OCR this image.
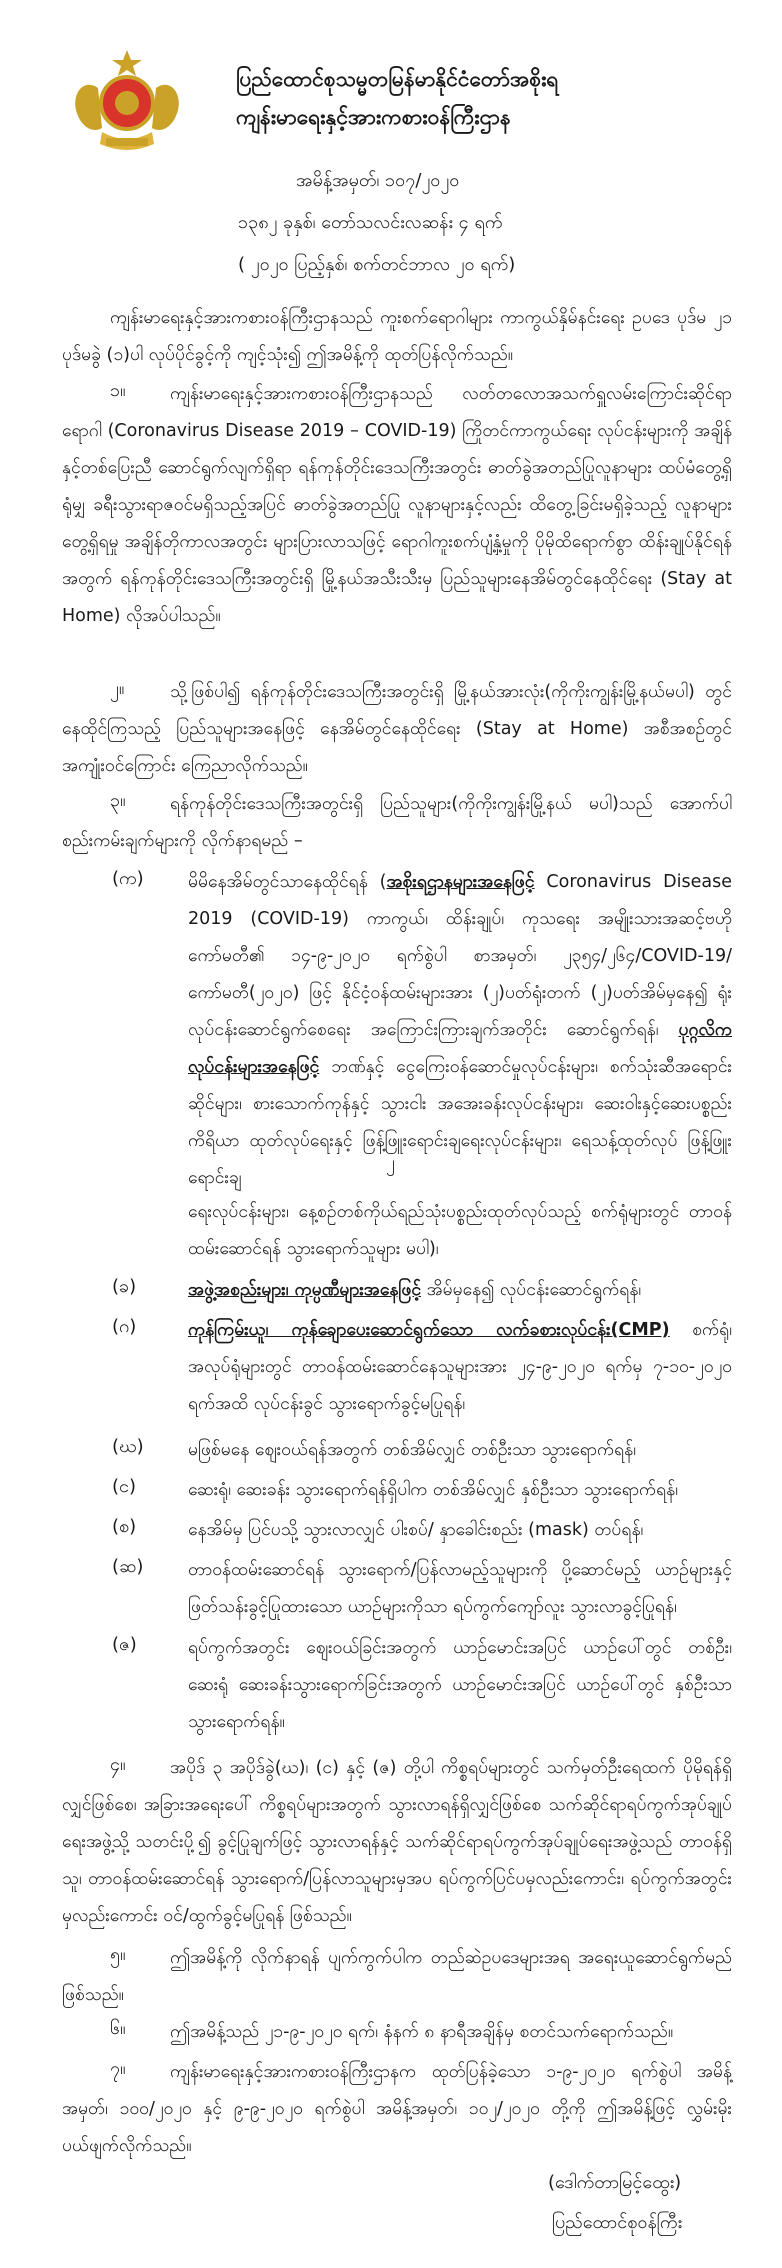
ပြည်ထောင်စုသမ္မတမြန်မာနိုင်ငံတော်အစိုးရ
ကျန်းမာရေးနှင့်အားကစားဝန်ကြီးဌာန
အမိန့်အမှတ်၊ ၁၀၇/၂၀၂၀
၁၃၈၂ ခုနှစ်၊ တော်သလင်းလဆန်း ၄ ရက်
( ၂၀၂၀ ပြည့်နှစ်၊ စက်တင်ဘာလ ၂၀ ရက်)
ကျန်းမာရေးနှင့်အားကစားဝန်ကြီးဌာနသည် ကူးစက်ရောဂါများ ကာကွယ်နှိမ်နင်းရေး ဥပဒေ ပုဒ်မ ၂၁ ပုဒ်မခွဲ (၁)ပါ လုပ်ပိုင်ခွင့်ကို ကျင့်သုံး၍ ဤအမိန့်ကို ထုတ်ပြန်လိုက်သည်။
၁။	ကျန်းမာရေးနှင့်အားကစားဝန်ကြီးဌာနသည် လတ်တလောအသက်ရှူလမ်းကြောင်းဆိုင်ရာ ရောဂါ (Coronavirus Disease 2019 – COVID-19) ကြိုတင်ကာကွယ်ရေး လုပ်ငန်းများကို အချိန်နှင့်တစ်ပြေးညီ ဆောင်ရွက်လျက်ရှိရာ ရန်ကုန်တိုင်းဒေသကြီးအတွင်း ဓာတ်ခွဲအတည်ပြုလူနာများ ထပ်မံတွေ့ရှိရုံမျှ ခရီးသွားရာဇဝင်မရှိသည့်အပြင် ဓာတ်ခွဲအတည်ပြု လူနာများနှင့်လည်း ထိတွေ့ခြင်းမရှိခဲ့သည့် လူနာများတွေ့ရှိရမှု အချိန်တိုကာလအတွင်း များပြားလာသဖြင့် ရောဂါကူးစက်ပျံ့နှံ့မှုကို ပိုမိုထိရောက်စွာ ထိန်းချုပ်နိုင်ရန်အတွက် ရန်ကုန်တိုင်းဒေသကြီးအတွင်းရှိ မြို့နယ်အသီးသီးမှ ပြည်သူများနေအိမ်တွင်နေထိုင်ရေး (Stay at Home) လိုအပ်ပါသည်။
၂။	သို့ဖြစ်ပါ၍ ရန်ကုန်တိုင်းဒေသကြီးအတွင်းရှိ မြို့နယ်အားလုံး(ကိုကိုးကျွန်းမြို့နယ်မပါ) တွင် နေထိုင်ကြသည့် ပြည်သူများအနေဖြင့် နေအိမ်တွင်နေထိုင်ရေး (Stay at Home) အစီအစဉ်တွင် အကျုံးဝင်ကြောင်း ကြေညာလိုက်သည်။
၃။	ရန်ကုန်တိုင်းဒေသကြီးအတွင်းရှိ ပြည်သူများ(ကိုကိုးကျွန်းမြို့နယ် မပါ)သည် အောက်ပါစည်းကမ်းချက်များကို လိုက်နာရမည် –
(က)	မိမိနေအိမ်တွင်သာနေထိုင်ရန် (အစိုးရဌာနများအနေဖြင့် Coronavirus Disease 2019 (COVID-19) ကာကွယ်၊ ထိန်းချုပ်၊ ကုသရေး အမျိုးသားအဆင့်ဗဟိုကော်မတီ၏ ၁၄-၉-၂၀၂၀ ရက်စွဲပါ စာအမှတ်၊ ၂၃၅၄/၂၆၄/COVID-19/ကော်မတီ(၂၀၂၀) ဖြင့် နိုင်ငံ့ဝန်ထမ်းများအား (၂)ပတ်ရုံးတက် (၂)ပတ်အိမ်မှနေ၍ ရုံးလုပ်ငန်းဆောင်ရွက်စေရေး အကြောင်းကြားချက်အတိုင်း ဆောင်ရွက်ရန်၊ ပုဂ္ဂလိကလုပ်ငန်းများအနေဖြင့် ဘဏ်နှင့် ငွေကြေးဝန်ဆောင်မှုလုပ်ငန်းများ၊ စက်သုံးဆီအရောင်းဆိုင်များ၊ စားသောက်ကုန်နှင့် သွားငါး အအေးခန်းလုပ်ငန်းများ၊ ဆေးဝါးနှင့်ဆေးပစ္စည်းကိရိယာ ထုတ်လုပ်ရေးနှင့် ဖြန့်ဖြူးရောင်းချရေးလုပ်ငန်းများ၊ ရေသန့်ထုတ်လုပ် ဖြန့်ဖြူးရောင်းချ
၂
ရေးလုပ်ငန်းများ၊ နေ့စဉ်တစ်ကိုယ်ရည်သုံးပစ္စည်းထုတ်လုပ်သည့် စက်ရုံများတွင် တာဝန်ထမ်းဆောင်ရန် သွားရောက်သူများ မပါ)၊
(ခ)	အဖွဲ့အစည်းများ၊ ကုမ္ပဏီများအနေဖြင့် အိမ်မှနေ၍ လုပ်ငန်းဆောင်ရွက်ရန်၊
(ဂ)	ကုန်ကြမ်းယူ၊ ကုန်ချောပေးဆောင်ရွက်သော လက်ခစားလုပ်ငန်း(CMP) စက်ရုံ၊ အလုပ်ရုံများတွင် တာဝန်ထမ်းဆောင်နေသူများအား ၂၄-၉-၂၀၂၀ ရက်မှ ၇-၁၀-၂၀၂၀ ရက်အထိ လုပ်ငန်းခွင် သွားရောက်ခွင့်မပြုရန်၊
(ဃ)	မဖြစ်မနေ ဈေးဝယ်ရန်အတွက် တစ်အိမ်လျှင် တစ်ဦးသာ သွားရောက်ရန်၊
(င)	ဆေးရုံ၊ ဆေးခန်း သွားရောက်ရန်ရှိပါက တစ်အိမ်လျှင် နှစ်ဦးသာ သွားရောက်ရန်၊
(စ)	နေအိမ်မှ ပြင်ပသို့ သွားလာလျှင် ပါးစပ်/ နှာခေါင်းစည်း (mask) တပ်ရန်၊
(ဆ)	တာဝန်ထမ်းဆောင်ရန် သွားရောက်/ပြန်လာမည့်သူများကို ပို့ဆောင်မည့် ယာဉ်များနှင့် ဖြတ်သန်းခွင့်ပြုထားသော ယာဉ်များကိုသာ ရပ်ကွက်ကျော်လူး သွားလာခွင့်ပြုရန်၊
(ဇ)	ရပ်ကွက်အတွင်း ဈေးဝယ်ခြင်းအတွက် ယာဉ်မောင်းအပြင် ယာဉ်ပေါ်တွင် တစ်ဦး၊ ဆေးရုံ ဆေးခန်းသွားရောက်ခြင်းအတွက် ယာဉ်မောင်းအပြင် ယာဉ်ပေါ်တွင် နှစ်ဦးသာ သွားရောက်ရန်။
၄။	အပိုဒ် ၃ အပိုဒ်ခွဲ(ဃ)၊ (င) နှင့် (ဇ) တို့ပါ ကိစ္စရပ်များတွင် သက်မှတ်ဦးရေထက် ပိုမိုရန်ရှိလျှင်ဖြစ်စေ၊ အခြားအရေးပေါ် ကိစ္စရပ်များအတွက် သွားလာရန်ရှိလျှင်ဖြစ်စေ သက်ဆိုင်ရာရပ်ကွက်အုပ်ချုပ်ရေးအဖွဲ့သို့ သတင်းပို့၍ ခွင့်ပြုချက်ဖြင့် သွားလာရန်နှင့် သက်ဆိုင်ရာရပ်ကွက်အုပ်ချုပ်ရေးအဖွဲ့သည် တာဝန်ရှိသူ၊ တာဝန်ထမ်းဆောင်ရန် သွားရောက်/ပြန်လာသူများမှအပ ရပ်ကွက်ပြင်ပမှလည်းကောင်း၊ ရပ်ကွက်အတွင်းမှလည်းကောင်း ဝင်/ထွက်ခွင့်မပြုရန် ဖြစ်သည်။
၅။	ဤအမိန့်ကို လိုက်နာရန် ပျက်ကွက်ပါက တည်ဆဲဥပဒေများအရ အရေးယူဆောင်ရွက်မည် ဖြစ်သည်။
၆။	ဤအမိန့်သည် ၂၁-၉-၂၀၂၀ ရက်၊ နံနက် ၈ နာရီအချိန်မှ စတင်သက်ရောက်သည်။
၇။	ကျန်းမာရေးနှင့်အားကစားဝန်ကြီးဌာနက ထုတ်ပြန်ခဲ့သော ၁-၉-၂၀၂၀ ရက်စွဲပါ အမိန့်အမှတ်၊ ၁၀၀/၂၀၂၀ နှင့် ၉-၉-၂၀၂၀ ရက်စွဲပါ အမိန့်အမှတ်၊ ၁၀၂/၂၀၂၀ တို့ကို ဤအမိန့်ဖြင့် လွှမ်းမိုးပယ်ဖျက်လိုက်သည်။
(ဒေါက်တာမြင့်ထွေး)
ပြည်ထောင်စုဝန်ကြီး
